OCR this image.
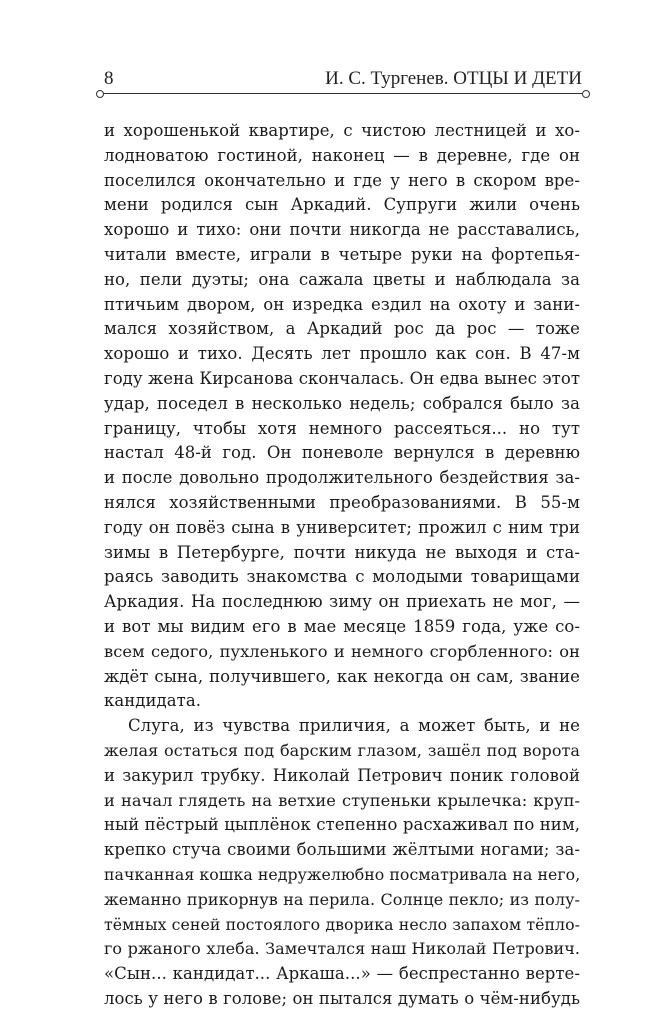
8	И. С. Тургенев. ОТЦЫ И ДЕТИ
и хорошенькой квартире, с чистою лестницей и хо-
лодноватою гостиной, наконец — в деревне, где он
поселился окончательно и где у него в скором вре-
мени родился сын Аркадий. Супруги жили очень
хорошо и тихо: они почти никогда не расставались,
читали вместе, играли в четыре руки на фортепья-
но, пели дуэты; она сажала цветы и наблюдала за
птичьим двором, он изредка ездил на охоту и зани-
мался хозяйством, а Аркадий рос да рос — тоже
хорошо и тихо. Десять лет прошло как сон. В 47-м
году жена Кирсанова скончалась. Он едва вынес этот
удар, поседел в несколько недель; собрался было за
границу, чтобы хотя немного рассеяться... но тут
настал 48-й год. Он поневоле вернулся в деревню
и после довольно продолжительного бездействия за-
нялся хозяйственными преобразованиями. В 55-м
году он повёз сына в университет; прожил с ним три
зимы в Петербурге, почти никуда не выходя и ста-
раясь заводить знакомства с молодыми товарищами
Аркадия. На последнюю зиму он приехать не мог, —
и вот мы видим его в мае месяце 1859 года, уже со-
всем седого, пухленького и немного сгорбленного: он
ждёт сына, получившего, как некогда он сам, звание
кандидата.
Слуга, из чувства приличия, а может быть, и не
желая остаться под барским глазом, зашёл под ворота
и закурил трубку. Николай Петрович поник головой
и начал глядеть на ветхие ступеньки крылечка: круп-
ный пёстрый цыплёнок степенно расхаживал по ним,
крепко стуча своими большими жёлтыми ногами; за-
пачканная кошка недружелюбно посматривала на него,
жеманно прикорнув на перила. Солнце пекло; из полу-
тёмных сеней постоялого дворика несло запахом тёпло-
го ржаного хлеба. Замечтался наш Николай Петрович.
«Сын... кандидат... Аркаша...» — беспрестанно верте-
лось у него в голове; он пытался думать о чём-нибудь
